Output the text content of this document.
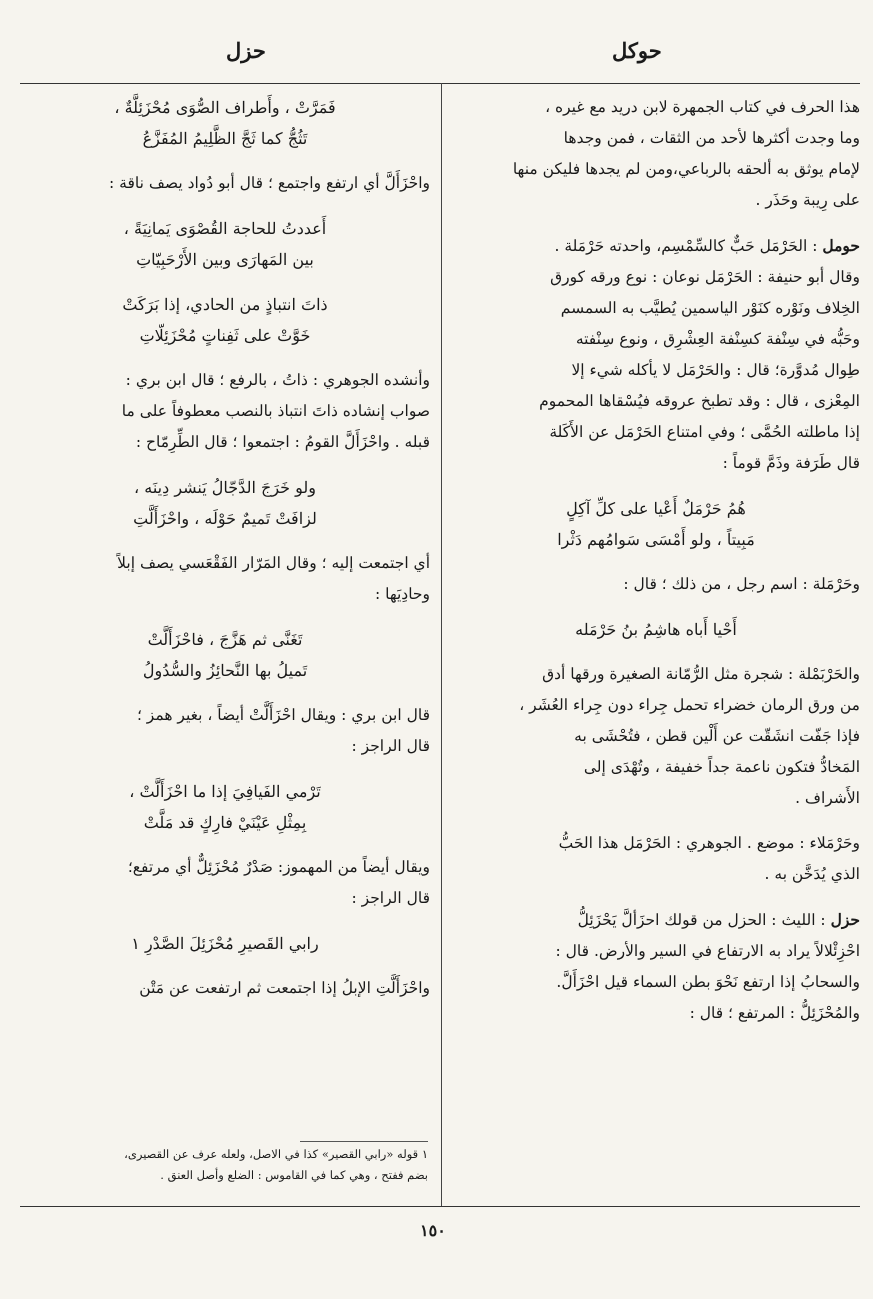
حوكل
حزل

هذا الحرف في كتاب الجمهرة لابن دريد مع غيره ،

وما وجدت أكثرها لأحد من الثقات ، فمن وجدها

لإمام يوثق به ألحقه بالرباعي،ومن لم يجدها فليكن منها

على رِيبة وحَذَر .

حومل : الحَرْمَل حَبٌّ كالسِّمْسِم، واحدته حَرْمَلة .

وقال أبو حنيفة : الحَرْمَل نوعان : نوع ورقه كورق

الخِلاف ونَوْره كنَوْر الياسمين يُطيَّب به السمسم

وحَبُّه في سِنْفة كسِنْفة العِشْرِق ، ونوع سِنْفته

طِوال مُدوَّرة؛ قال : والحَرْمَل لا يأكله شيء إلا

المِعْزى ، قال : وقد تطبخ عروقه فيُسْقاها المحموم

إذا ماطلته الحُمَّى ؛ وفي امتناع الحَرْمَل عن الأَكَلة

قال طَرَفة وذَمَّ قوماً :

هُمُ حَرْمَلٌ أَعْيا على كلِّ آكِلٍ

مَبِيتاً ، ولو أَمْسَى سَوامُهم دَثْرا

وحَرْمَلة : اسم رجل ، من ذلك ؛ قال :

أَحْيا أَباه هاشِمُ بنُ حَرْمَله

والحَرْبَمْلة : شجرة مثل الرُّمّانة الصغيرة ورقها أدق

من ورق الرمان خضراء تحمل جِراء دون جِراء العُشَر ،

فإذا جَفّت انشَقّت عن أَلْين قطن ، فتُحْشَى به

المَخادُّ فتكون ناعمة جداً خفيفة ، وتُهْدَى إلى

الأَشراف .

وحَرْمَلاء : موضع . الجوهري : الحَرْمَل هذا الحَبُّ

الذي يُدَخَّن به .

حزل : الليث : الحزل من قولك احزَألَّ يَحْزَئِلُّ

احْزِئْلالاً يراد به الارتفاع في السير والأرض. قال :

والسحابُ إذا ارتفع نَحْوَ بطن السماء قيل احْزَأَلَّ.

والمُحْزَئِلُّ : المرتفع ؛ قال :

فَمَرَّتْ ، وأَطراف الصُّوَى مُحْزَئِلَّةٌ ،

تَثُجُّ كما ثَجَّ الظَّلِيمُ المُفَزَّعُ

واحْزَأَلَّ أي ارتفع واجتمع ؛ قال أبو دُواد يصف ناقة :

أَعددتُ للحاجة القُصْوَى يَمانِيَةً ،

بين المَهارَى وبين الأَرْحَبِيّاتِ

ذاتَ انتباذٍ من الحادي، إذا بَرَكَتْ

خَوَّتْ على ثَفِناتٍ مُحْزَئِلّاتِ

وأنشده الجوهري : ذاتُ ، بالرفع ؛ قال ابن بري :

صواب إنشاده ذاتَ انتباذ بالنصب معطوفاً على ما

قبله . واحْزَأَلَّ القومُ : اجتمعوا ؛ قال الطِّرِمّاح :

ولو خَرَجَ الدَّجّالُ يَنشر دِينَه ،

لزافَتْ تَميمٌ حَوْلَه ، واحْزَأَلَّتِ

أي اجتمعت إليه ؛ وقال المَرّار الفَقْعَسي يصف إبلاً

وحادِيَها :

تَغَنَّى ثم هَزَّجَ ، فاحْزَأَلَّتْ

تَميلُ بها النَّحائِزُ والسُّدُولُ

قال ابن بري : ويقال احْزَأَلَّتْ أيضاً ، بغير همز ؛

قال الراجز :

تَرْمي الفَيافِيَ إذا ما احْزَأَلَّتْ ،

بِمِثْلِ عَيْنَيْ فارِكٍ قد مَلَّتْ

ويقال أيضاً من المهموز: صَدْرٌ مُحْزَئِلٌّ أي مرتفع؛

قال الراجز :

رابي القَصيرِ مُحْزَئِلَ الصَّدْرِ ١

واحْزَأَلَّتِ الإبلُ إذا اجتمعت ثم ارتفعت عن مَتْن

١ قوله «رابي القصير» كذا في الاصل، ولعله عرف عن القصيرى،

بضم ففتح ، وهي كما في القاموس : الضلع وأصل العنق .

١٥٠
